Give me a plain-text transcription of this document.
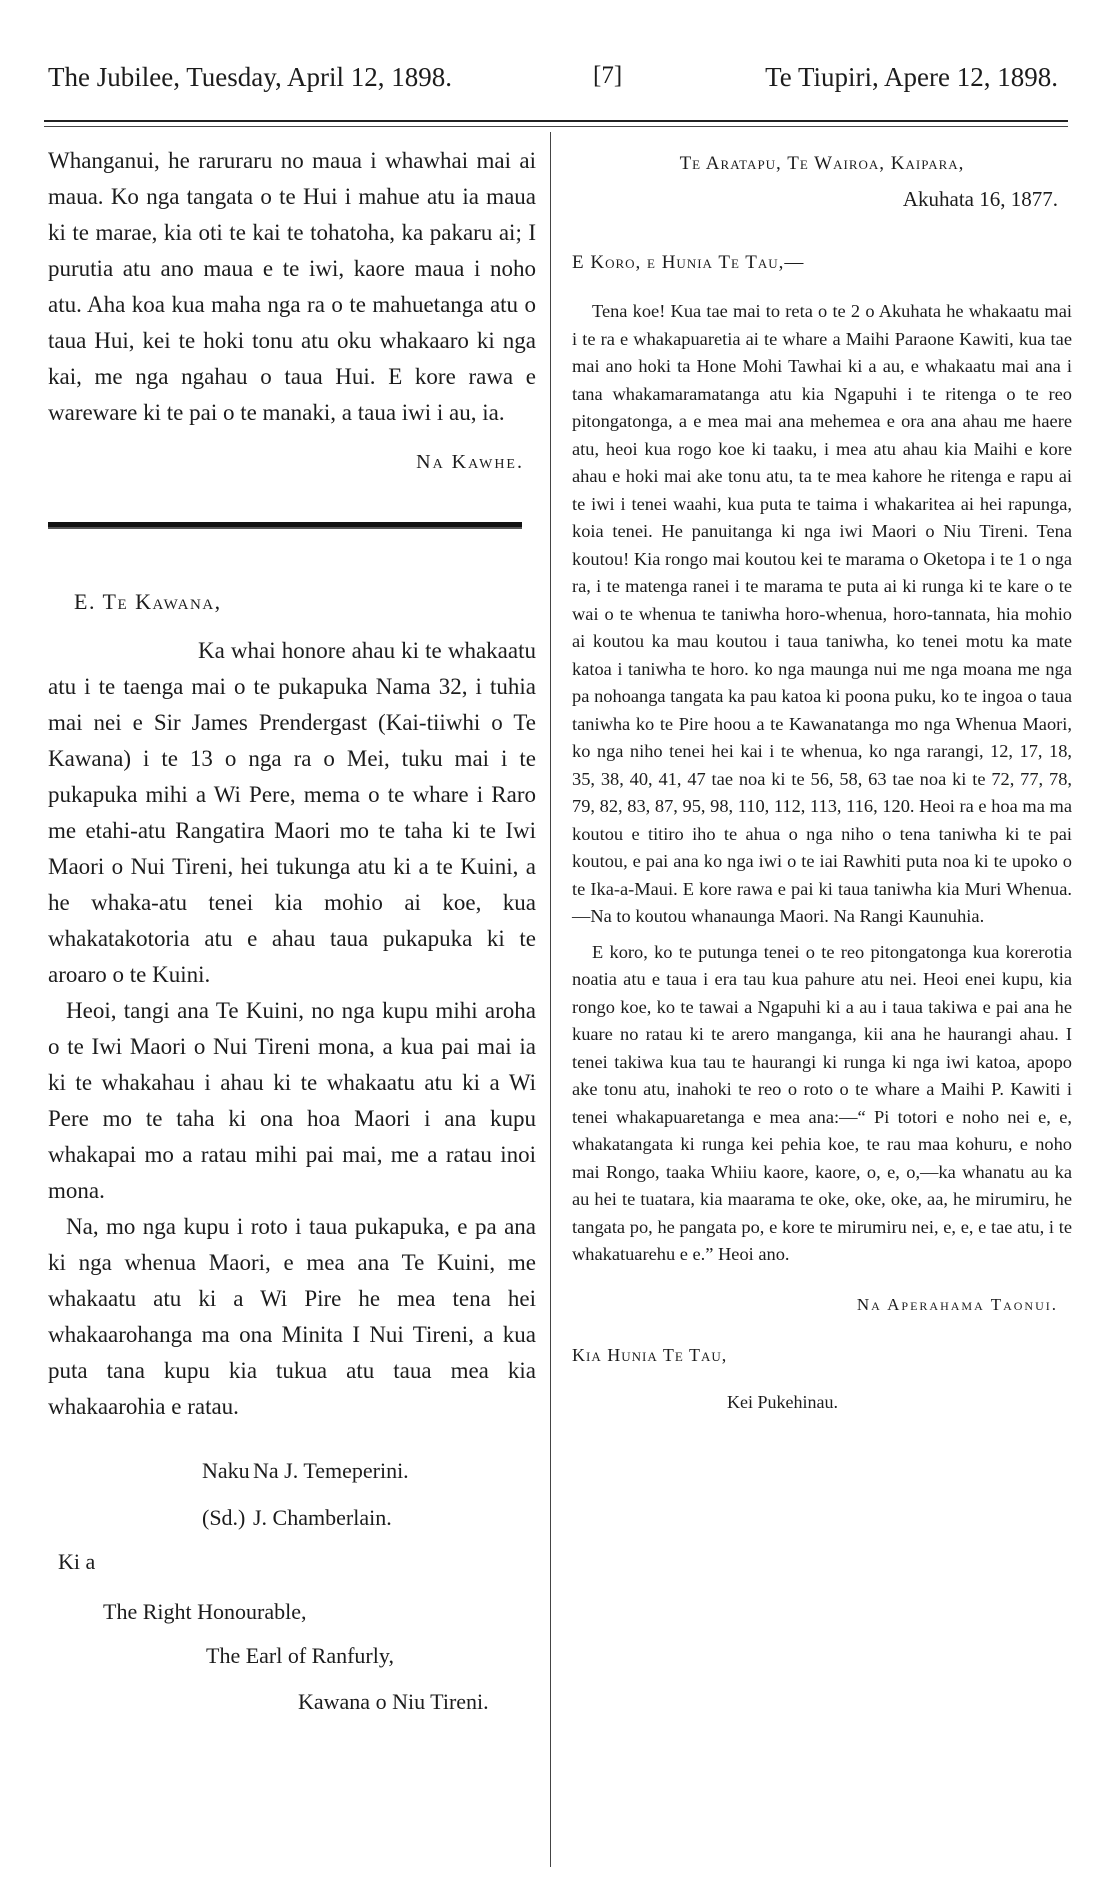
The Jubilee, Tuesday, April 12, 1898.	[7]	Te Tiupiri, Apere 12, 1898.

Whanganui, he raruraru no maua i whawhai mai ai maua. Ko nga tangata o te Hui i mahue atu ia maua ki te marae, kia oti te kai te tohatoha, ka pakaru ai; I purutia atu ano maua e te iwi, kaore maua i noho atu. Aha koa kua maha nga ra o te mahuetanga atu o taua Hui, kei te hoki tonu atu oku whakaaro ki nga kai, me nga ngahau o taua Hui. E kore rawa e wareware ki te pai o te manaki, a taua iwi i au, ia.

Na Kawhe.
E. Te Kawana,

Ka whai honore ahau ki te whakaatu atu i te taenga mai o te pukapuka Nama 32, i tuhia mai nei e Sir James Prendergast (Kai-tiiwhi o Te Kawana) i te 13 o nga ra o Mei, tuku mai i te pukapuka mihi a Wi Pere, mema o te whare i Raro me etahi-atu Rangatira Maori mo te taha ki te Iwi Maori o Nui Tireni, hei tukunga atu ki a te Kuini, a he whaka-atu tenei kia mohio ai koe, kua whakatakotoria atu e ahau taua pukapuka ki te aroaro o te Kuini.

Heoi, tangi ana Te Kuini, no nga kupu mihi aroha o te Iwi Maori o Nui Tireni mona, a kua pai mai ia ki te whakahau i ahau ki te whakaatu atu ki a Wi Pere mo te taha ki ona hoa Maori i ana kupu whakapai mo a ratau mihi pai mai, me a ratau inoi mona.

Na, mo nga kupu i roto i taua pukapuka, e pa ana ki nga whenua Maori, e mea ana Te Kuini, me whakaatu atu ki a Wi Pire he mea tena hei whakaarohanga ma ona Minita I Nui Tireni, a kua puta tana kupu kia tukua atu taua mea kia whakaarohia e ratau.

Naku Na J. Temeperini.
(Sd.) J. Chamberlain.
Ki a
The Right Honourable,
The Earl of Ranfurly,
Kawana o Niu Tireni.
Te Aratapu, Te Wairoa, Kaipara,
Akuhata 16, 1877.
E Koro, e Hunia Te Tau,—

Tena koe! Kua tae mai to reta o te 2 o Akuhata he whakaatu mai i te ra e whakapuaretia ai te whare a Maihi Paraone Kawiti, kua tae mai ano hoki ta Hone Mohi Tawhai ki a au, e whakaatu mai ana i tana whakamaramatanga atu kia Ngapuhi i te ritenga o te reo pitongatonga, a e mea mai ana mehemea e ora ana ahau me haere atu, heoi kua rogo koe ki taaku, i mea atu ahau kia Maihi e kore ahau e hoki mai ake tonu atu, ta te mea kahore he ritenga e rapu ai te iwi i tenei waahi, kua puta te taima i whakaritea ai hei rapunga, koia tenei. He panuitanga ki nga iwi Maori o Niu Tireni. Tena koutou! Kia rongo mai koutou kei te marama o Oketopa i te 1 o nga ra, i te matenga ranei i te marama te puta ai ki runga ki te kare o te wai o te whenua te taniwha horo-whenua, horo-tannata, hia mohio ai koutou ka mau koutou i taua taniwha, ko tenei motu ka mate katoa i taniwha te horo. ko nga maunga nui me nga moana me nga pa nohoanga tangata ka pau katoa ki poona puku, ko te ingoa o taua taniwha ko te Pire hoou a te Kawanatanga mo nga Whenua Maori, ko nga niho tenei hei kai i te whenua, ko nga rarangi, 12, 17, 18, 35, 38, 40, 41, 47 tae noa ki te 56, 58, 63 tae noa ki te 72, 77, 78, 79, 82, 83, 87, 95, 98, 110, 112, 113, 116, 120. Heoi ra e hoa ma ma koutou e titiro iho te ahua o nga niho o tena taniwha ki te pai koutou, e pai ana ko nga iwi o te iai Rawhiti puta noa ki te upoko o te Ika-a-Maui. E kore rawa e pai ki taua taniwha kia Muri Whenua.—Na to koutou whanaunga Maori. Na Rangi Kaunuhia.

E koro, ko te putunga tenei o te reo pitongatonga kua korerotia noatia atu e taua i era tau kua pahure atu nei. Heoi enei kupu, kia rongo koe, ko te tawai a Ngapuhi ki a au i taua takiwa e pai ana he kuare no ratau ki te arero manganga, kii ana he haurangi ahau. I tenei takiwa kua tau te haurangi ki runga ki nga iwi katoa, apopo ake tonu atu, inahoki te reo o roto o te whare a Maihi P. Kawiti i tenei whakapuaretanga e mea ana:—“ Pi totori e noho nei e, e, whakatangata ki runga kei pehia koe, te rau maa kohuru, e noho mai Rongo, taaka Whiiu kaore, kaore, o, e, o,—ka whanatu au ka au hei te tuatara, kia maarama te oke, oke, oke, aa, he mirumiru, he tangata po, he pangata po, e kore te mirumiru nei, e, e, e tae atu, i te whakatuarehu e e.” Heoi ano.

Na Aperahama Taonui.
Kia Hunia Te Tau,
Kei Pukehinau.
